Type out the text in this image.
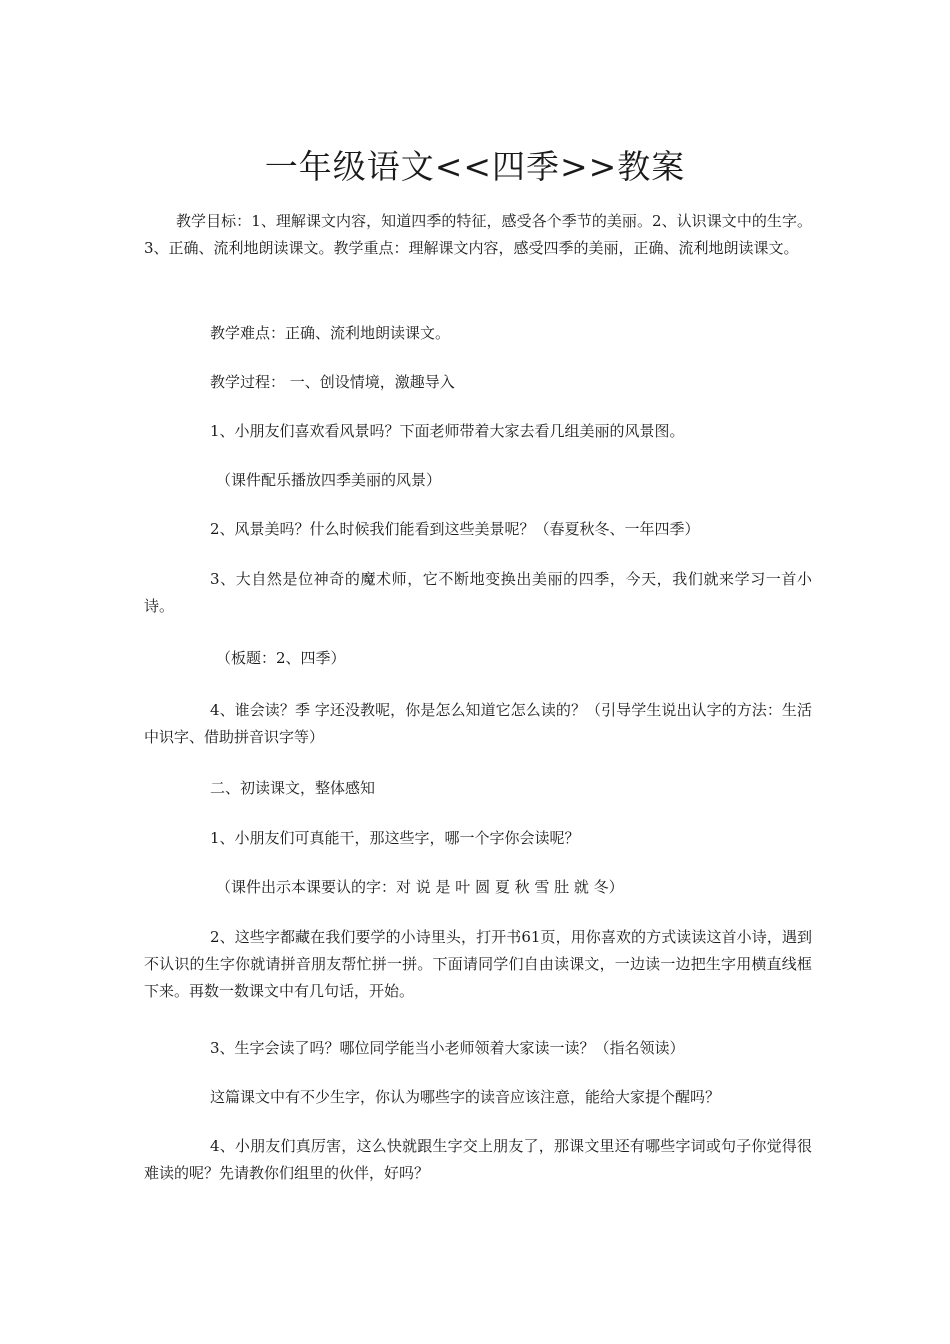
一年级语文<<四季>>教案

教学目标：1、理解课文内容，知道四季的特征，感受各个季节的美丽。2、认识课文中的生字。3、正确、流利地朗读课文。教学重点：理解课文内容，感受四季的美丽，正确、流利地朗读课文。

教学难点：正确、流利地朗读课文。

教学过程： 一、创设情境，激趣导入

1、小朋友们喜欢看风景吗？下面老师带着大家去看几组美丽的风景图。

（课件配乐播放四季美丽的风景）

2、风景美吗？什么时候我们能看到这些美景呢？（春夏秋冬、一年四季）

3、大自然是位神奇的魔术师，它不断地变换出美丽的四季，今天，我们就来学习一首小诗。

（板题：2、四季）

4、谁会读？季 字还没教呢，你是怎么知道它怎么读的？（引导学生说出认字的方法：生活中识字、借助拼音识字等）

二、初读课文，整体感知

1、小朋友们可真能干，那这些字，哪一个字你会读呢？

（课件出示本课要认的字：对 说 是 叶 圆 夏 秋 雪 肚 就 冬）

2、这些字都藏在我们要学的小诗里头，打开书61页，用你喜欢的方式读读这首小诗，遇到不认识的生字你就请拼音朋友帮忙拼一拼。下面请同学们自由读课文，一边读一边把生字用横直线框下来。再数一数课文中有几句话，开始。

3、生字会读了吗？哪位同学能当小老师领着大家读一读？（指名领读）

这篇课文中有不少生字，你认为哪些字的读音应该注意，能给大家提个醒吗？

4、小朋友们真厉害，这么快就跟生字交上朋友了，那课文里还有哪些字词或句子你觉得很难读的呢？先请教你们组里的伙伴，好吗？
